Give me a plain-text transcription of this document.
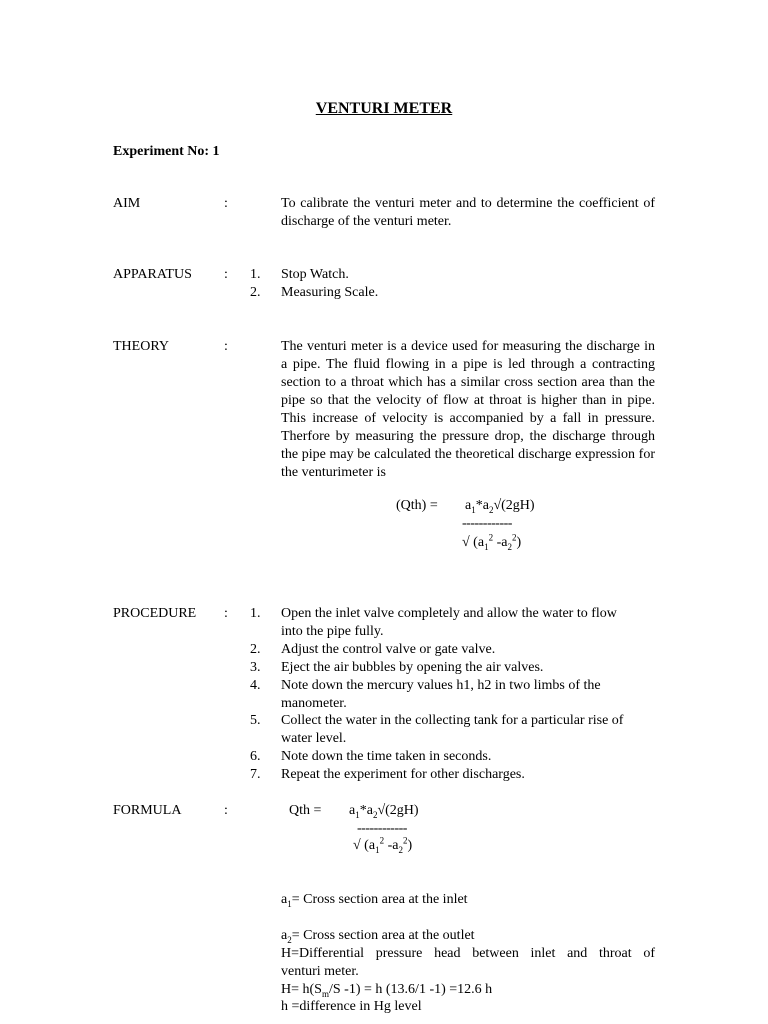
VENTURI METER
Experiment No: 1
AIM	:	To calibrate the venturi meter and to determine the coefficient of discharge of the venturi meter.
APPARATUS : 1. Stop Watch.
2. Measuring Scale.
THEORY	:	The venturi meter is a device used for measuring the discharge in a pipe. The fluid flowing in a pipe is led through a contracting section to a throat which has a similar cross section area than the pipe so that the velocity of flow at throat is higher than in pipe. This increase of velocity is accompanied by a fall in pressure. Therfore by measuring the pressure drop, the discharge through the pipe may be calculated the theoretical discharge expression for the venturimeter is
$(Qth) = a_1*a_2√(2gH)$
------------
√ ($a_1^2$ $-a_2^2$)
PROCEDURE : 1. Open the inlet valve completely and allow the water to flow
into the pipe fully.
2. Adjust the control valve or gate valve.
3. Eject the air bubbles by opening the air valves.
4. Note down the mercury values h1, h2 in two limbs of the
manometer.
5. Collect the water in the collecting tank for a particular rise of
water level.
6. Note down the time taken in seconds.
7. Repeat the experiment for other discharges.
FORMULA	:	Qth = $a_1*a_2√(2gH)$
------------
√ ($a_1^2$ $-a_2^2$)
$a_1=$ Cross section area at the inlet
$a_2=$ Cross section area at the outlet
H=Differential pressure head between inlet and throat of
venturi meter.
$H= h(S_m/S$ -1) = h (13.6/1 -1) =12.6 h
h =difference in Hg level
